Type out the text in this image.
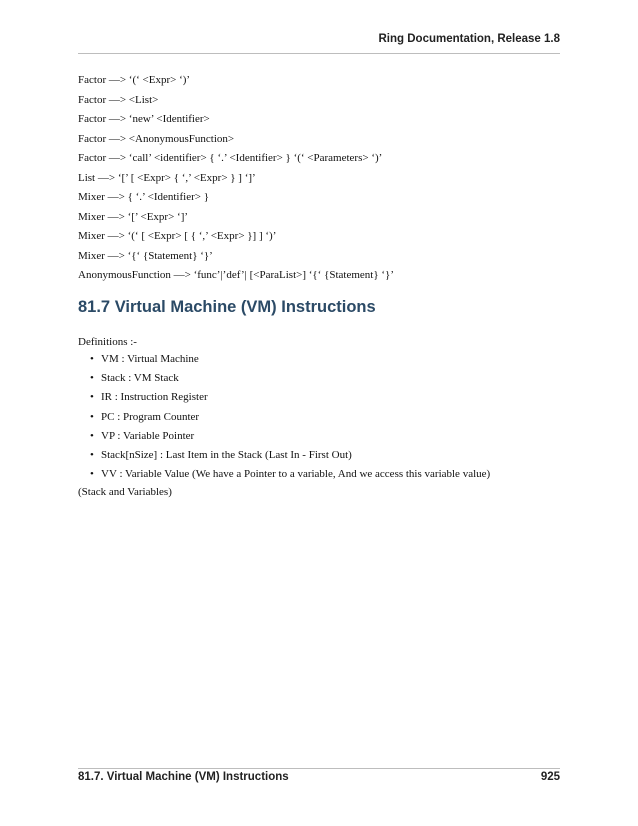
Ring Documentation, Release 1.8

Factor —> ‘(‘ <Expr> ‘)’

Factor —> <List>

Factor —> ‘new’ <Identifier>

Factor —> <AnonymousFunction>

Factor —> ‘call’ <identifier> { ‘.’ <Identifier> } ‘(‘ <Parameters> ‘)’

List —> ‘[’ [ <Expr> { ‘,’ <Expr> } ] ‘]’

Mixer —> { ‘.’ <Identifier> }

Mixer —> ‘[’ <Expr> ‘]’

Mixer —> ‘(‘ [ <Expr> [ { ‘,’ <Expr> }] ] ‘)’

Mixer —> ‘{‘ {Statement} ‘}’

AnonymousFunction —> ‘func’|’def’| [<ParaList>] ‘{‘ {Statement} ‘}’

81.7 Virtual Machine (VM) Instructions

Definitions :-

• VM : Virtual Machine
• Stack : VM Stack
• IR : Instruction Register
• PC : Program Counter
• VP : Variable Pointer
• Stack[nSize] : Last Item in the Stack (Last In - First Out)
• VV : Variable Value (We have a Pointer to a variable, And we access this variable value)

(Stack and Variables)

81.7. Virtual Machine (VM) Instructions	925
